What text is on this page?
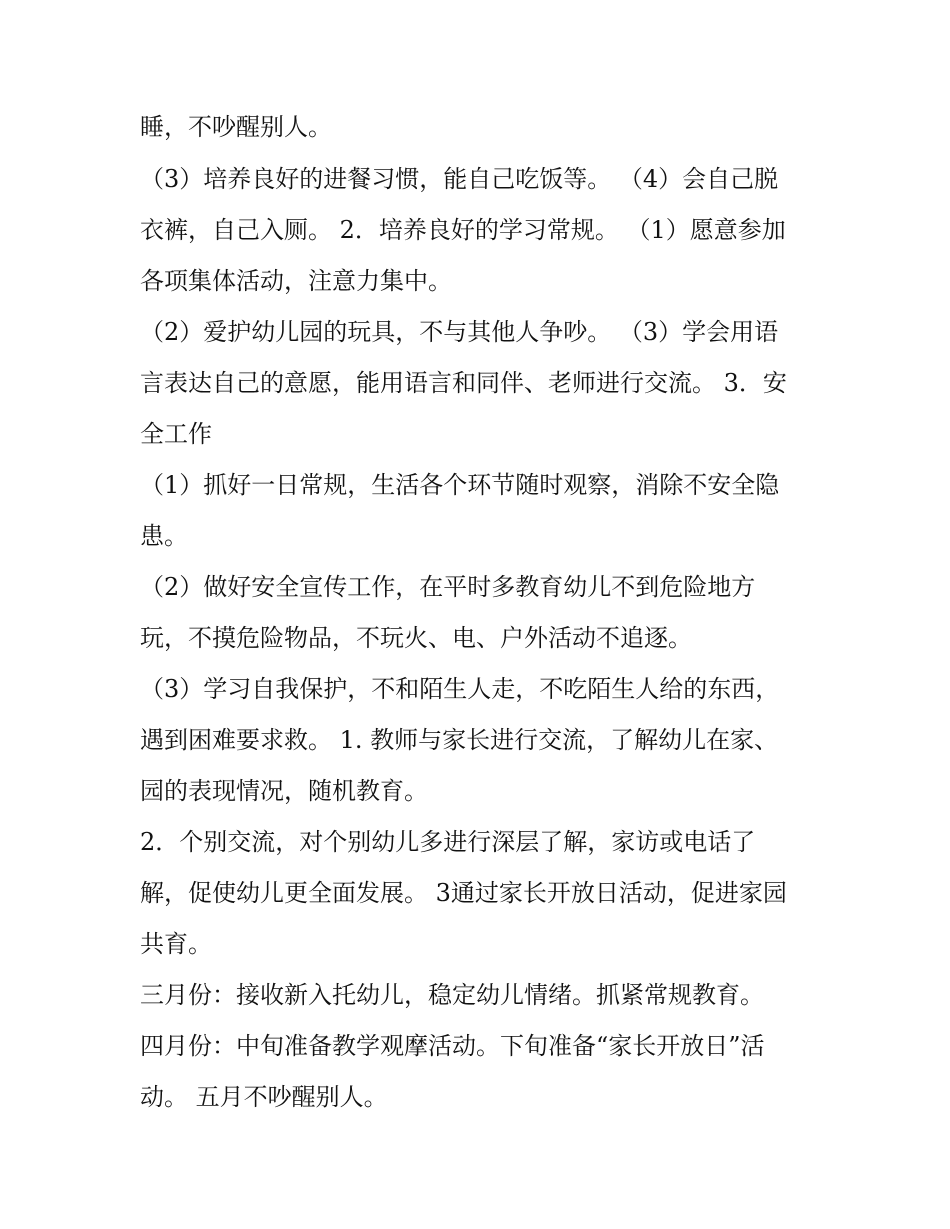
睡，不吵醒别人。
（3）培养良好的进餐习惯，能自己吃饭等。 （4）会自己脱
衣裤，自己入厕。 2．培养良好的学习常规。 （1）愿意参加
各项集体活动，注意力集中。
（2）爱护幼儿园的玩具，不与其他人争吵。 （3）学会用语
言表达自己的意愿，能用语言和同伴、老师进行交流。 3．安
全工作
（1）抓好一日常规，生活各个环节随时观察，消除不安全隐
患。
（2）做好安全宣传工作，在平时多教育幼儿不到危险地方
玩，不摸危险物品，不玩火、电、户外活动不追逐。
（3）学习自我保护，不和陌生人走，不吃陌生人给的东西，
遇到困难要求救。 1. 教师与家长进行交流，了解幼儿在家、
园的表现情况，随机教育。
2．个别交流，对个别幼儿多进行深层了解，家访或电话了
解，促使幼儿更全面发展。 3通过家长开放日活动，促进家园
共育。
三月份：接收新入托幼儿，稳定幼儿情绪。抓紧常规教育。
四月份：中旬准备教学观摩活动。下旬准备“家长开放日”活
动。 五月不吵醒别人。
